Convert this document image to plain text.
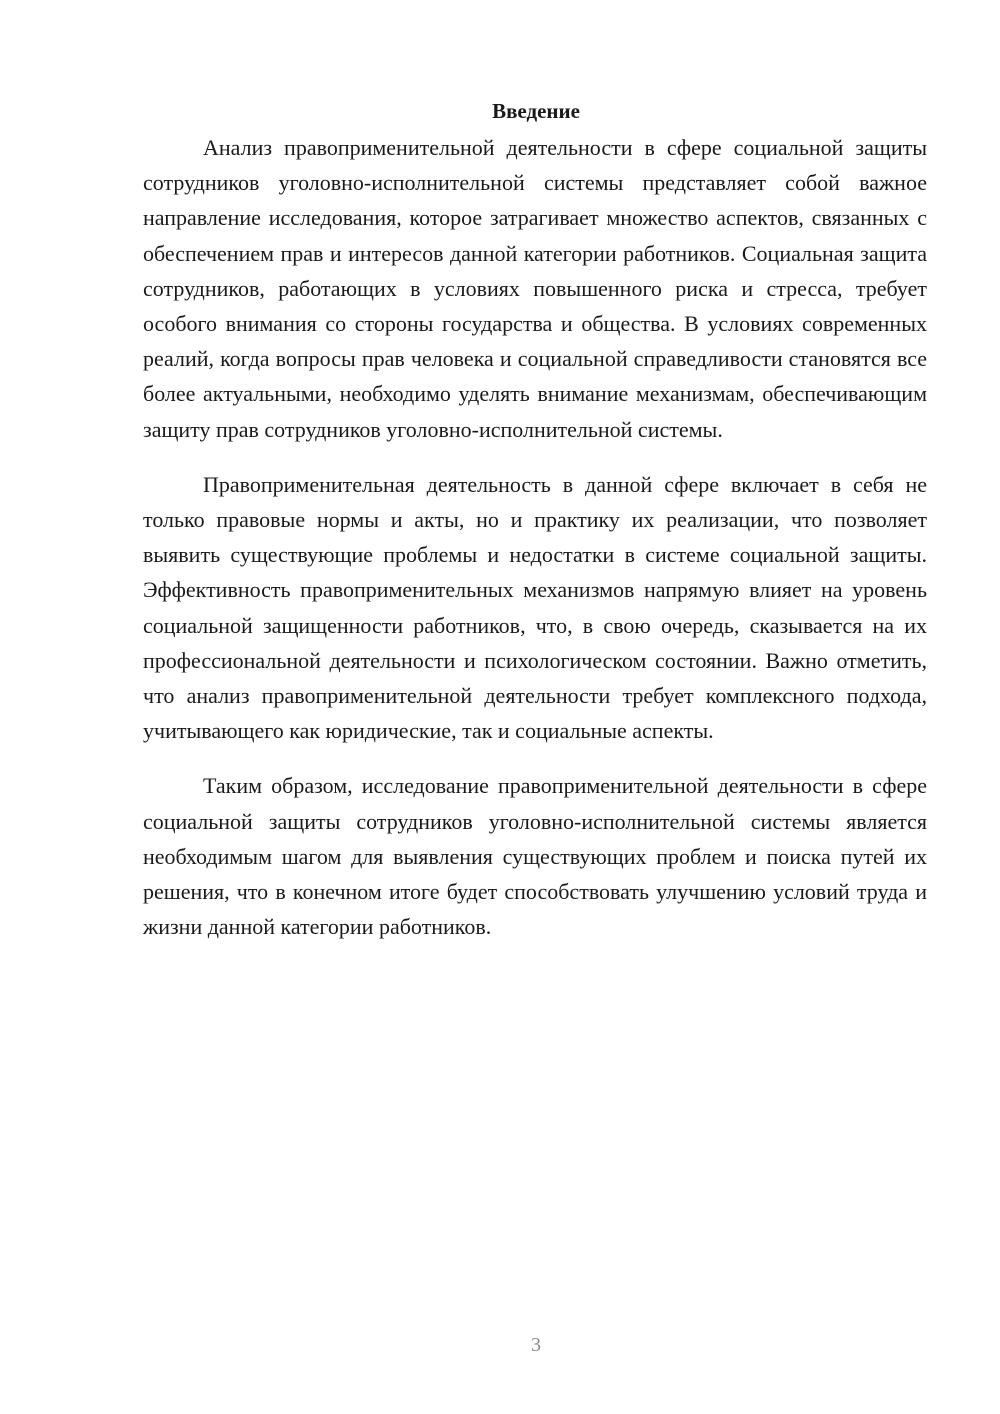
Введение

Анализ правоприменительной деятельности в сфере социальной защиты сотрудников уголовно-исполнительной системы представляет собой важное направление исследования, которое затрагивает множество аспектов, связанных с обеспечением прав и интересов данной категории работников. Социальная защита сотрудников, работающих в условиях повышенного риска и стресса, требует особого внимания со стороны государства и общества. В условиях современных реалий, когда вопросы прав человека и социальной справедливости становятся все более актуальными, необходимо уделять внимание механизмам, обеспечивающим защиту прав сотрудников уголовно-исполнительной системы.

Правоприменительная деятельность в данной сфере включает в себя не только правовые нормы и акты, но и практику их реализации, что позволяет выявить существующие проблемы и недостатки в системе социальной защиты. Эффективность правоприменительных механизмов напрямую влияет на уровень социальной защищенности работников, что, в свою очередь, сказывается на их профессиональной деятельности и психологическом состоянии. Важно отметить, что анализ правоприменительной деятельности требует комплексного подхода, учитывающего как юридические, так и социальные аспекты.

Таким образом, исследование правоприменительной деятельности в сфере социальной защиты сотрудников уголовно-исполнительной системы является необходимым шагом для выявления существующих проблем и поиска путей их решения, что в конечном итоге будет способствовать улучшению условий труда и жизни данной категории работников.

3
